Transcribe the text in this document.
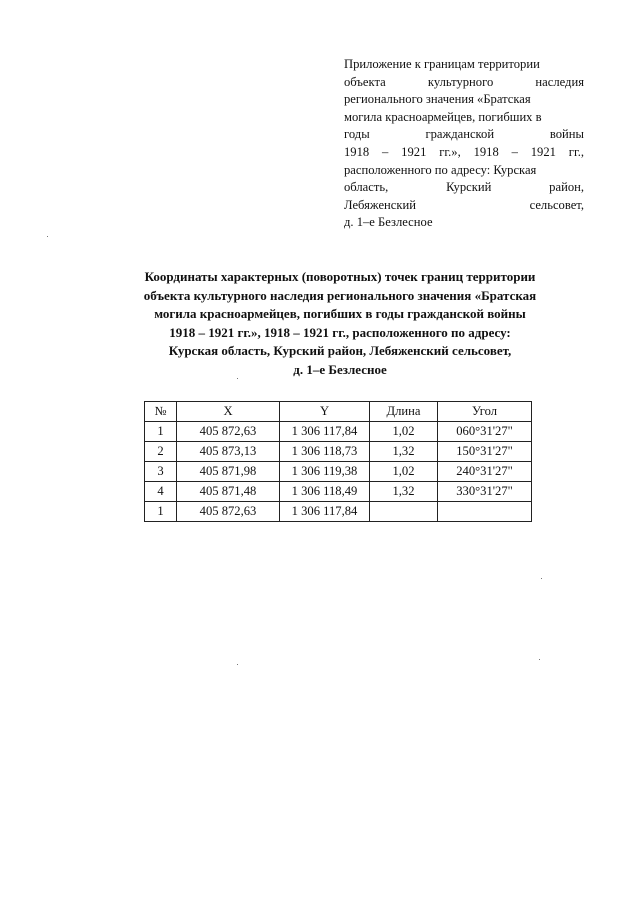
Приложение к границам территории
объекта культурного наследия
регионального значения «Братская
могила красноармейцев, погибших в
годы гражданской войны
1918 – 1921 гг.», 1918 – 1921 гг.,
расположенного по адресу: Курская
область, Курский район,
Лебяженский сельсовет,
д. 1–е Безлесное
Координаты характерных (поворотных) точек границ территории
объекта культурного наследия регионального значения «Братская
могила красноармейцев, погибших в годы гражданской войны
1918 – 1921 гг.», 1918 – 1921 гг., расположенного по адресу:
Курская область, Курский район, Лебяженский сельсовет,
д. 1–е Безлесное
№	X	Y	Длина	Угол
1	405 872,63	1 306 117,84	1,02	060°31'27"
2	405 873,13	1 306 118,73	1,32	150°31'27"
3	405 871,98	1 306 119,38	1,02	240°31'27"
4	405 871,48	1 306 118,49	1,32	330°31'27"
1	405 872,63	1 306 117,84		
